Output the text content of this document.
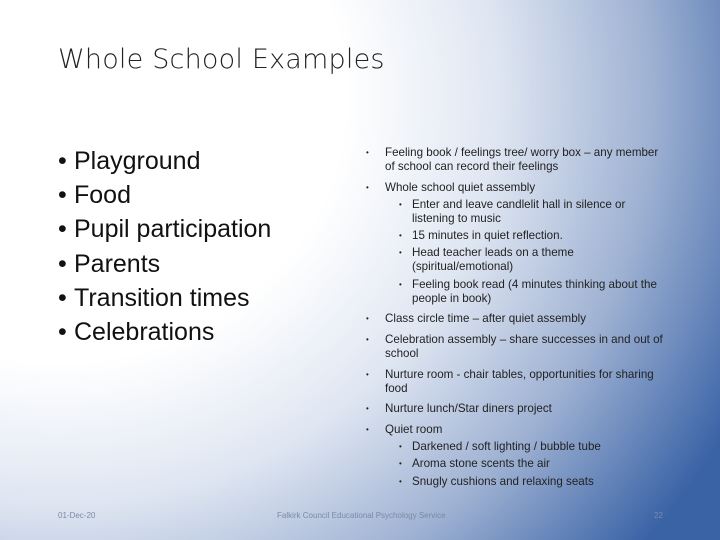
Whole School Examples
• Playground
• Food
• Pupil participation
• Parents
• Transition times
• Celebrations
• Feeling book / feelings tree/ worry box – any member of school can record their feelings
• Whole school quiet assembly
• Enter and leave candlelit hall in silence or listening to music
• 15 minutes in quiet reflection.
• Head teacher leads on a theme (spiritual/emotional)
• Feeling book read (4 minutes thinking about the people in book)
• Class circle time – after quiet assembly
• Celebration assembly – share successes in and out of school
• Nurture room - chair tables, opportunities for sharing food
• Nurture lunch/Star diners project
• Quiet room
• Darkened / soft lighting / bubble tube
• Aroma stone scents the air
• Snugly cushions and relaxing seats
01-Dec-20	Falkirk Council Educational Psychology Service	22
